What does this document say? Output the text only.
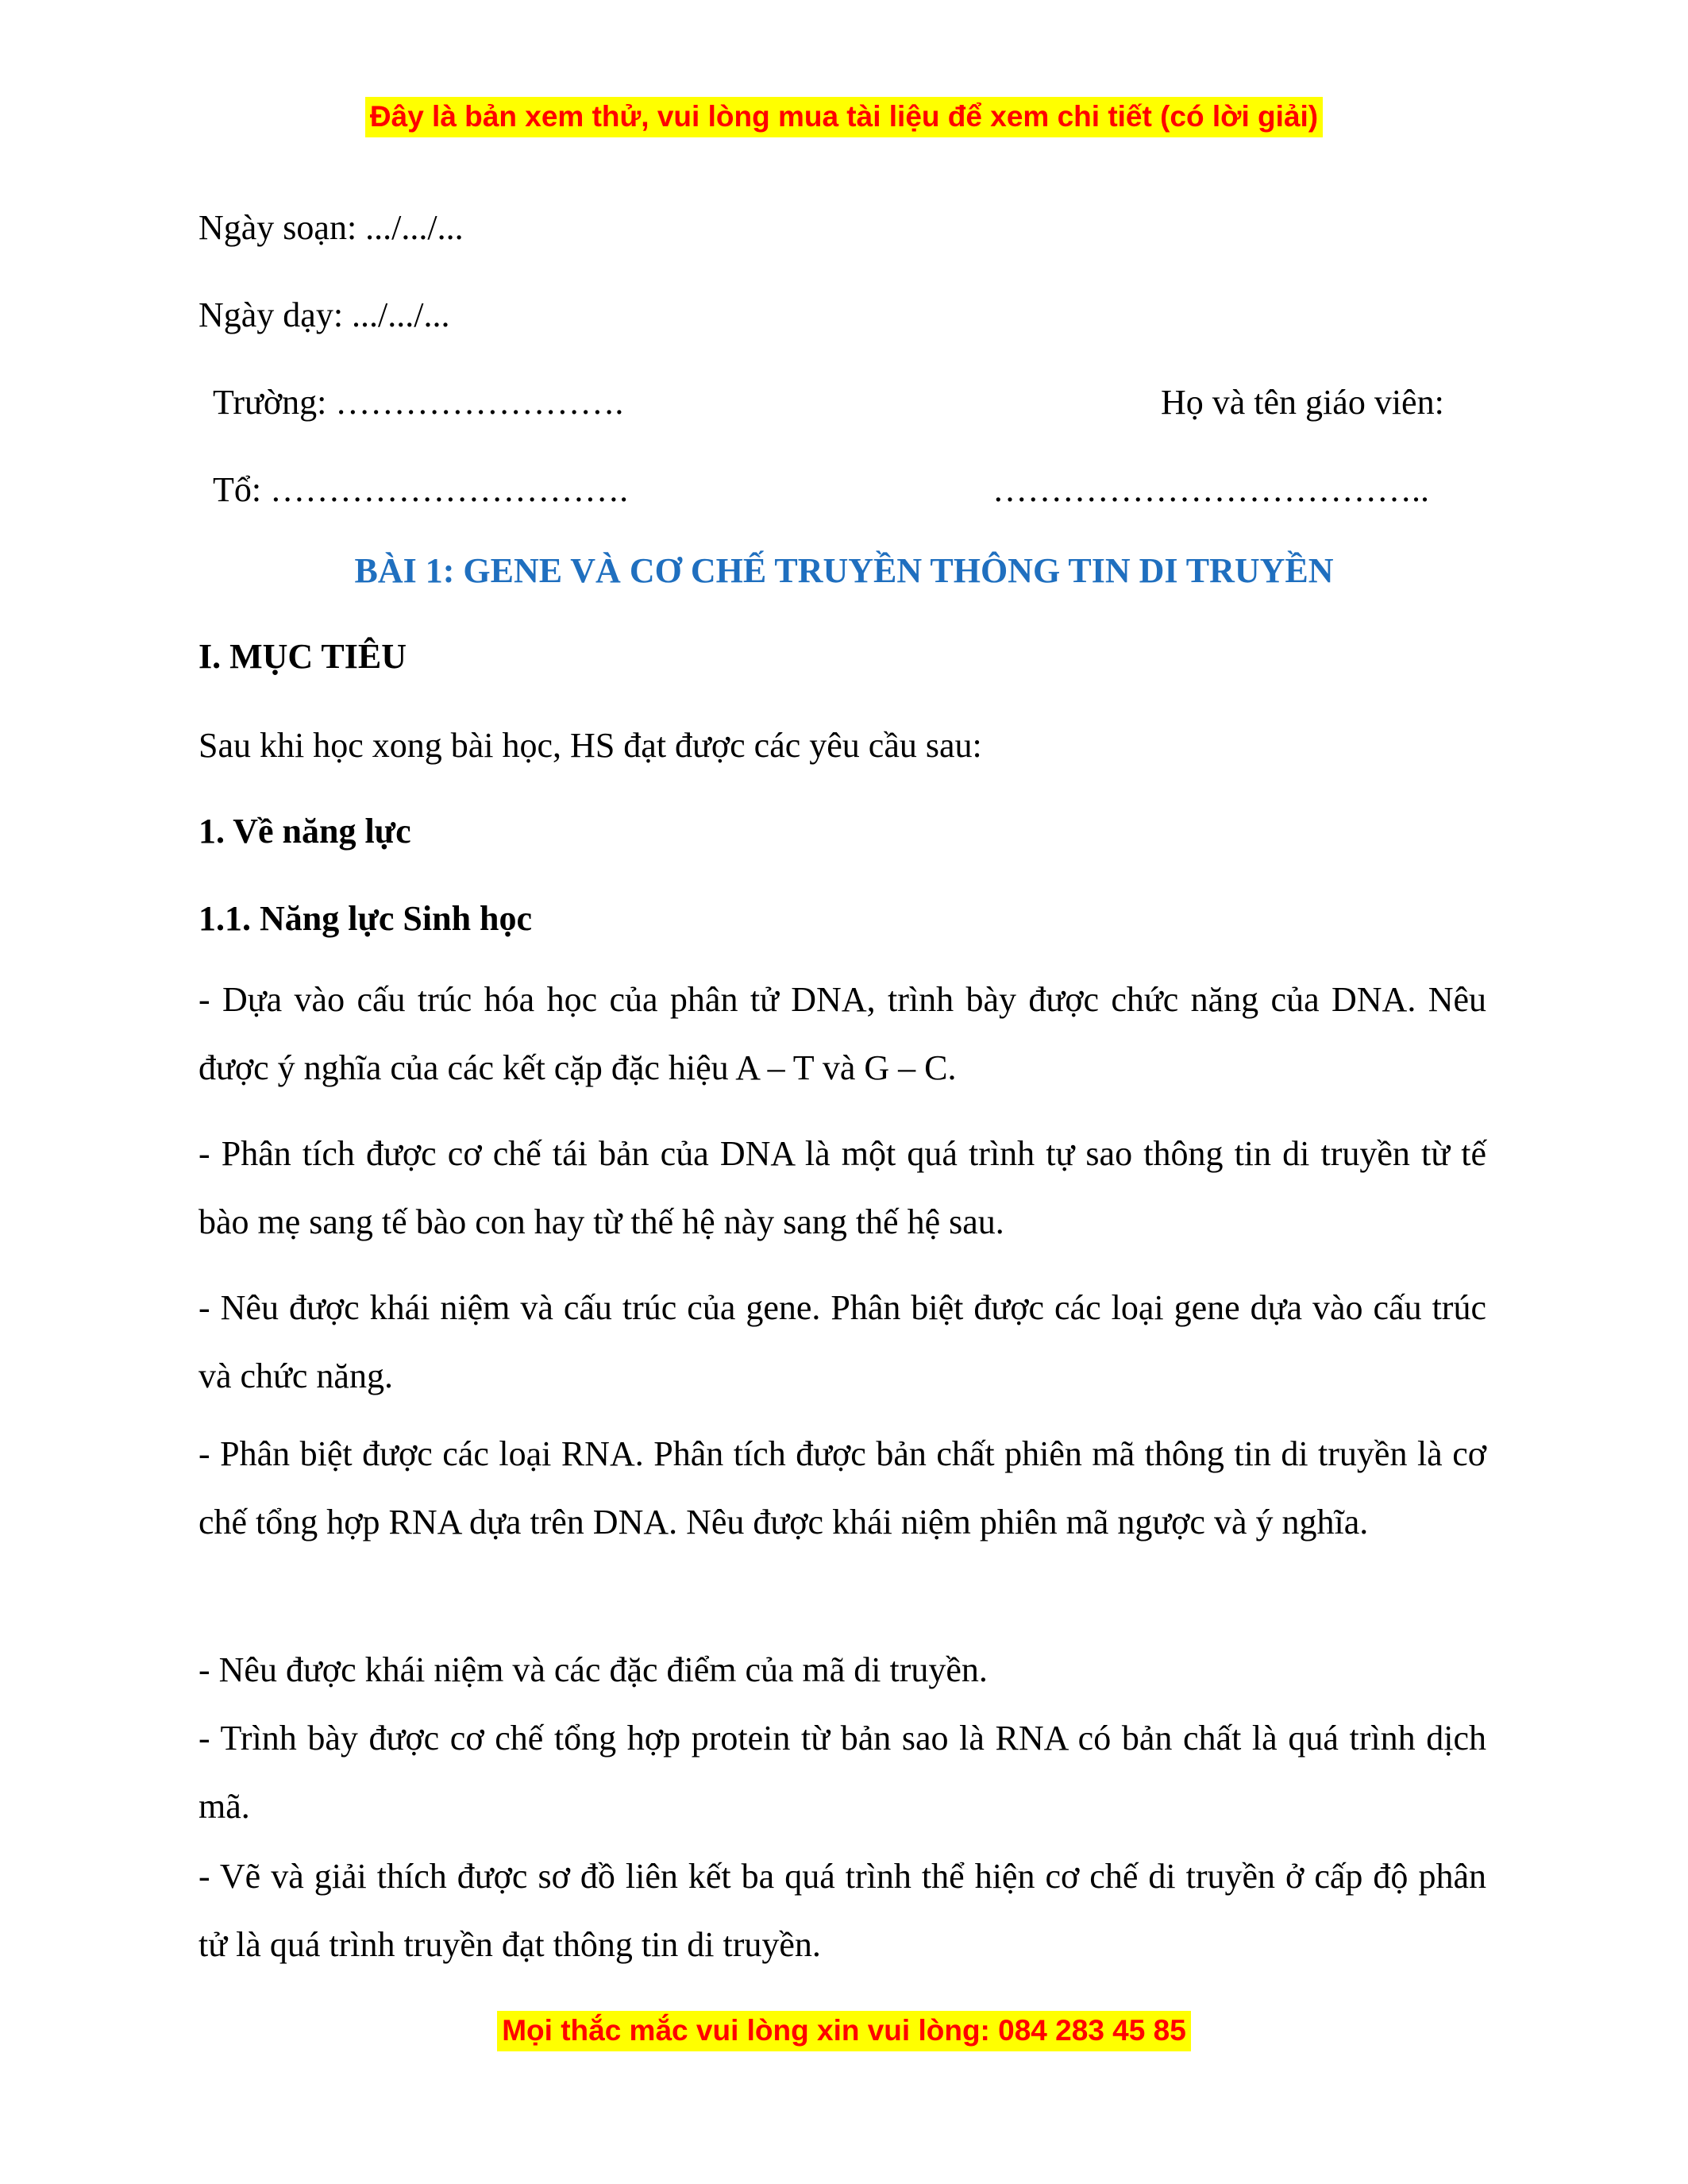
Đây là bản xem thử, vui lòng mua tài liệu để xem chi tiết (có lời giải)
Ngày soạn: .../.../...
Ngày dạy: .../.../...
Trường: …………………….	Họ và tên giáo viên:
Tổ: ………………………….	………………………………..
BÀI 1: GENE VÀ CƠ CHẾ TRUYỀN THÔNG TIN DI TRUYỀN
I. MỤC TIÊU
Sau khi học xong bài học, HS đạt được các yêu cầu sau:
1. Về năng lực
1.1. Năng lực Sinh học

- Dựa vào cấu trúc hóa học của phân tử DNA, trình bày được chức năng của DNA. Nêu được ý nghĩa của các kết cặp đặc hiệu A – T và G – C.

- Phân tích được cơ chế tái bản của DNA là một quá trình tự sao thông tin di truyền từ tế bào mẹ sang tế bào con hay từ thế hệ này sang thế hệ sau.

- Nêu được khái niệm và cấu trúc của gene. Phân biệt được các loại gene dựa vào cấu trúc và chức năng.

- Phân biệt được các loại RNA. Phân tích được bản chất phiên mã thông tin di truyền là cơ chế tổng hợp RNA dựa trên DNA. Nêu được khái niệm phiên mã ngược và ý nghĩa.

- Nêu được khái niệm và các đặc điểm của mã di truyền.

- Trình bày được cơ chế tổng hợp protein từ bản sao là RNA có bản chất là quá trình dịch mã.

- Vẽ và giải thích được sơ đồ liên kết ba quá trình thể hiện cơ chế di truyền ở cấp độ phân tử là quá trình truyền đạt thông tin di truyền.

Mọi thắc mắc vui lòng xin vui lòng: 084 283 45 85
